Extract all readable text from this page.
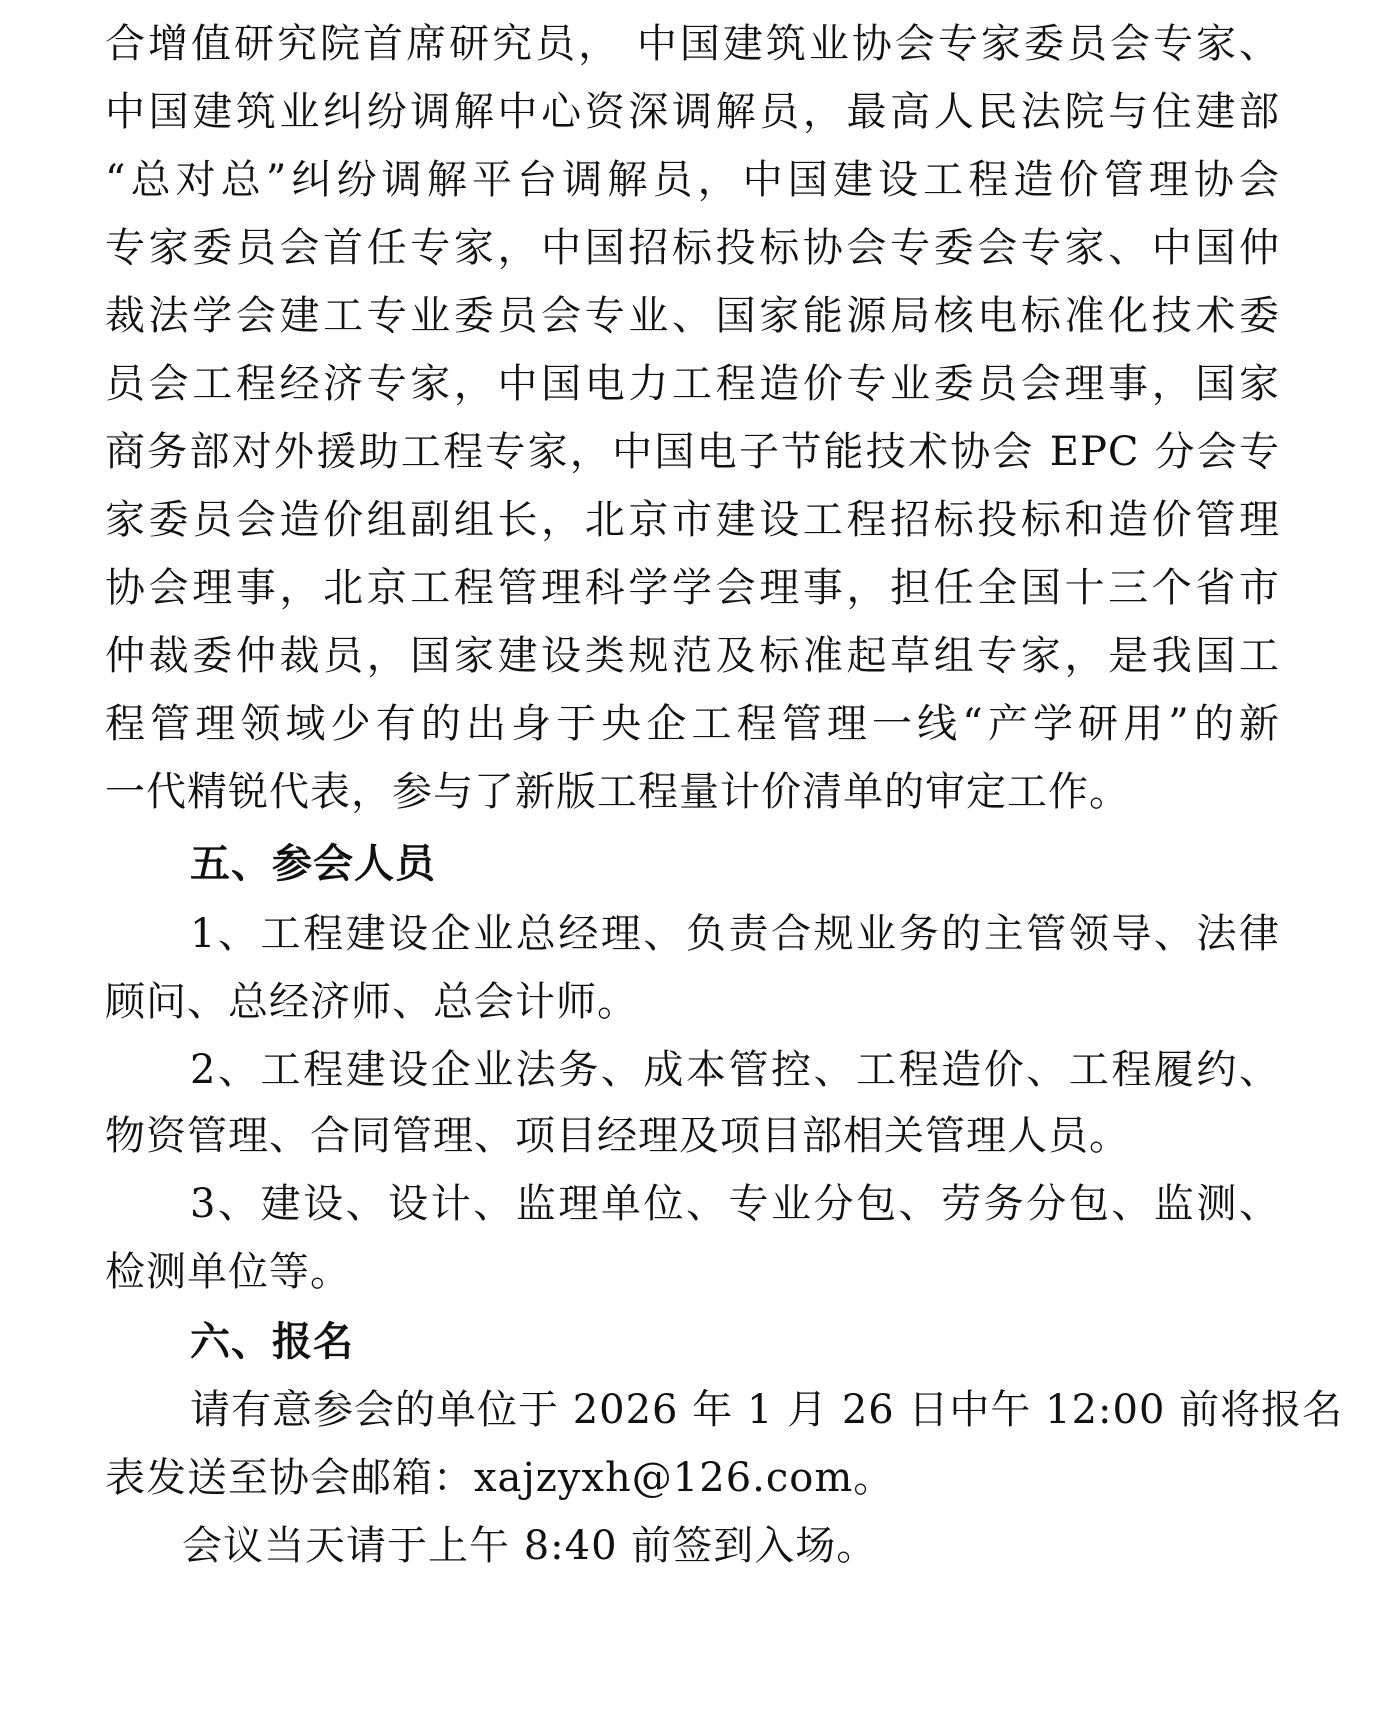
合增值研究院首席研究员， 中国建筑业协会专家委员会专家、
中国建筑业纠纷调解中心资深调解员，最高人民法院与住建部
“总对总”纠纷调解平台调解员，中国建设工程造价管理协会
专家委员会首任专家，中国招标投标协会专委会专家、中国仲
裁法学会建工专业委员会专业、国家能源局核电标准化技术委
员会工程经济专家，中国电力工程造价专业委员会理事，国家
商务部对外援助工程专家，中国电子节能技术协会 EPC 分会专
家委员会造价组副组长，北京市建设工程招标投标和造价管理
协会理事，北京工程管理科学学会理事，担任全国十三个省市
仲裁委仲裁员，国家建设类规范及标准起草组专家，是我国工
程管理领域少有的出身于央企工程管理一线“产学研用”的新
一代精锐代表，参与了新版工程量计价清单的审定工作。
五、参会人员
1、工程建设企业总经理、负责合规业务的主管领导、法律
顾问、总经济师、总会计师。
2、工程建设企业法务、成本管控、工程造价、工程履约、
物资管理、合同管理、项目经理及项目部相关管理人员。
3、建设、设计、监理单位、专业分包、劳务分包、监测、
检测单位等。
六、报名
请有意参会的单位于 2026 年 1 月 26 日中午 12:00 前将报名
表发送至协会邮箱：xajzyxh@126.com。
会议当天请于上午 8:40 前签到入场。
